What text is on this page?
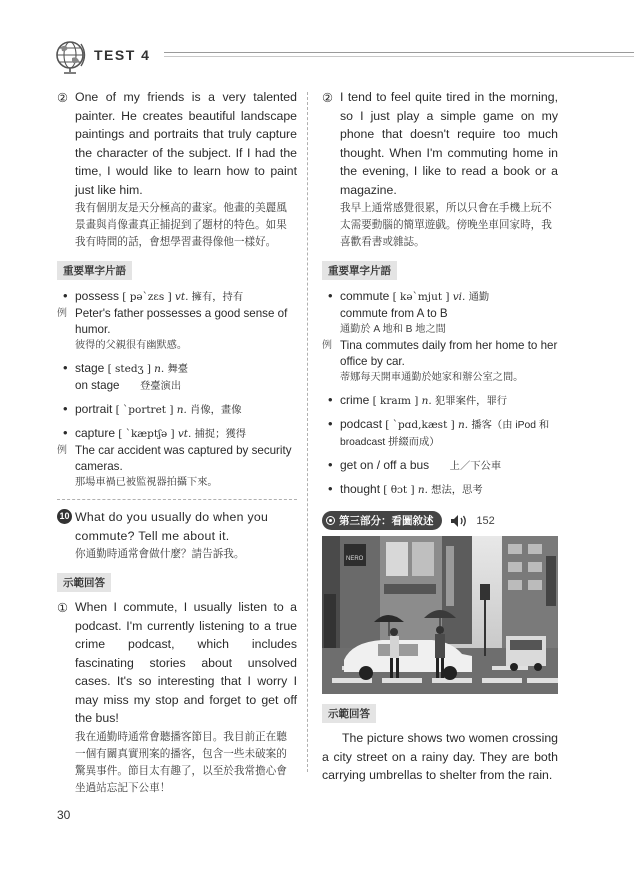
TEST 4
② One of my friends is a very talented painter. He creates beautiful landscape paintings and portraits that truly capture the character of the subject. If I had the time, I would like to learn how to paint just like him.
我有個朋友是天分極高的畫家。他畫的美麗風景畫與肖像畫真正捕捉到了題材的特色。如果我有時間的話，會想學習畫得像他一樣好。
重要單字片語
• possess [ pəˋzɛs ] vt. 擁有，持有
例 Peter's father possesses a good sense of humor.
彼得的父親很有幽默感。
• stage [ stedʒ ] n. 舞臺
on stage 登臺演出
• portrait [ ˋportret ] n. 肖像，畫像
• capture [ ˋkæptʃə ] vt. 捕捉；獲得
例 The car accident was captured by security cameras.
那場車禍已被監視器拍攝下來。
10 What do you usually do when you commute? Tell me about it.
你通勤時通常會做什麼？請告訴我。
示範回答
① When I commute, I usually listen to a podcast. I'm currently listening to a true crime podcast, which includes fascinating stories about unsolved cases. It's so interesting that I worry I may miss my stop and forget to get off the bus!
我在通勤時通常會聽播客節目。我目前正在聽一個有關真實刑案的播客，包含一些未破案的驚異事件。節目太有趣了，以至於我常擔心會坐過站忘記下公車！
② I tend to feel quite tired in the morning, so I just play a simple game on my phone that doesn't require too much thought. When I'm commuting home in the evening, I like to read a book or a magazine.
我早上通常感覺很累，所以只會在手機上玩不太需要動腦的簡單遊戲。傍晚坐車回家時，我喜歡看書或雜誌。
重要單字片語
• commute [ kəˋmjut ] vi. 通勤
commute from A to B
通勤於 A 地和 B 地之間
例 Tina commutes daily from her home to her office by car.
蒂娜每天開車通勤於她家和辦公室之間。
• crime [ kraɪm ] n. 犯罪案件，罪行
• podcast [ ˋpɑd,kæst ] n. 播客（由 iPod 和 broadcast 拼綴而成）
• get on / off a bus 上／下公車
• thought [ θɔt ] n. 想法，思考
第三部分：看圖敘述	152
NERO
示範回答
The picture shows two women crossing a city street on a rainy day. They are both carrying umbrellas to shelter from the rain.
30
